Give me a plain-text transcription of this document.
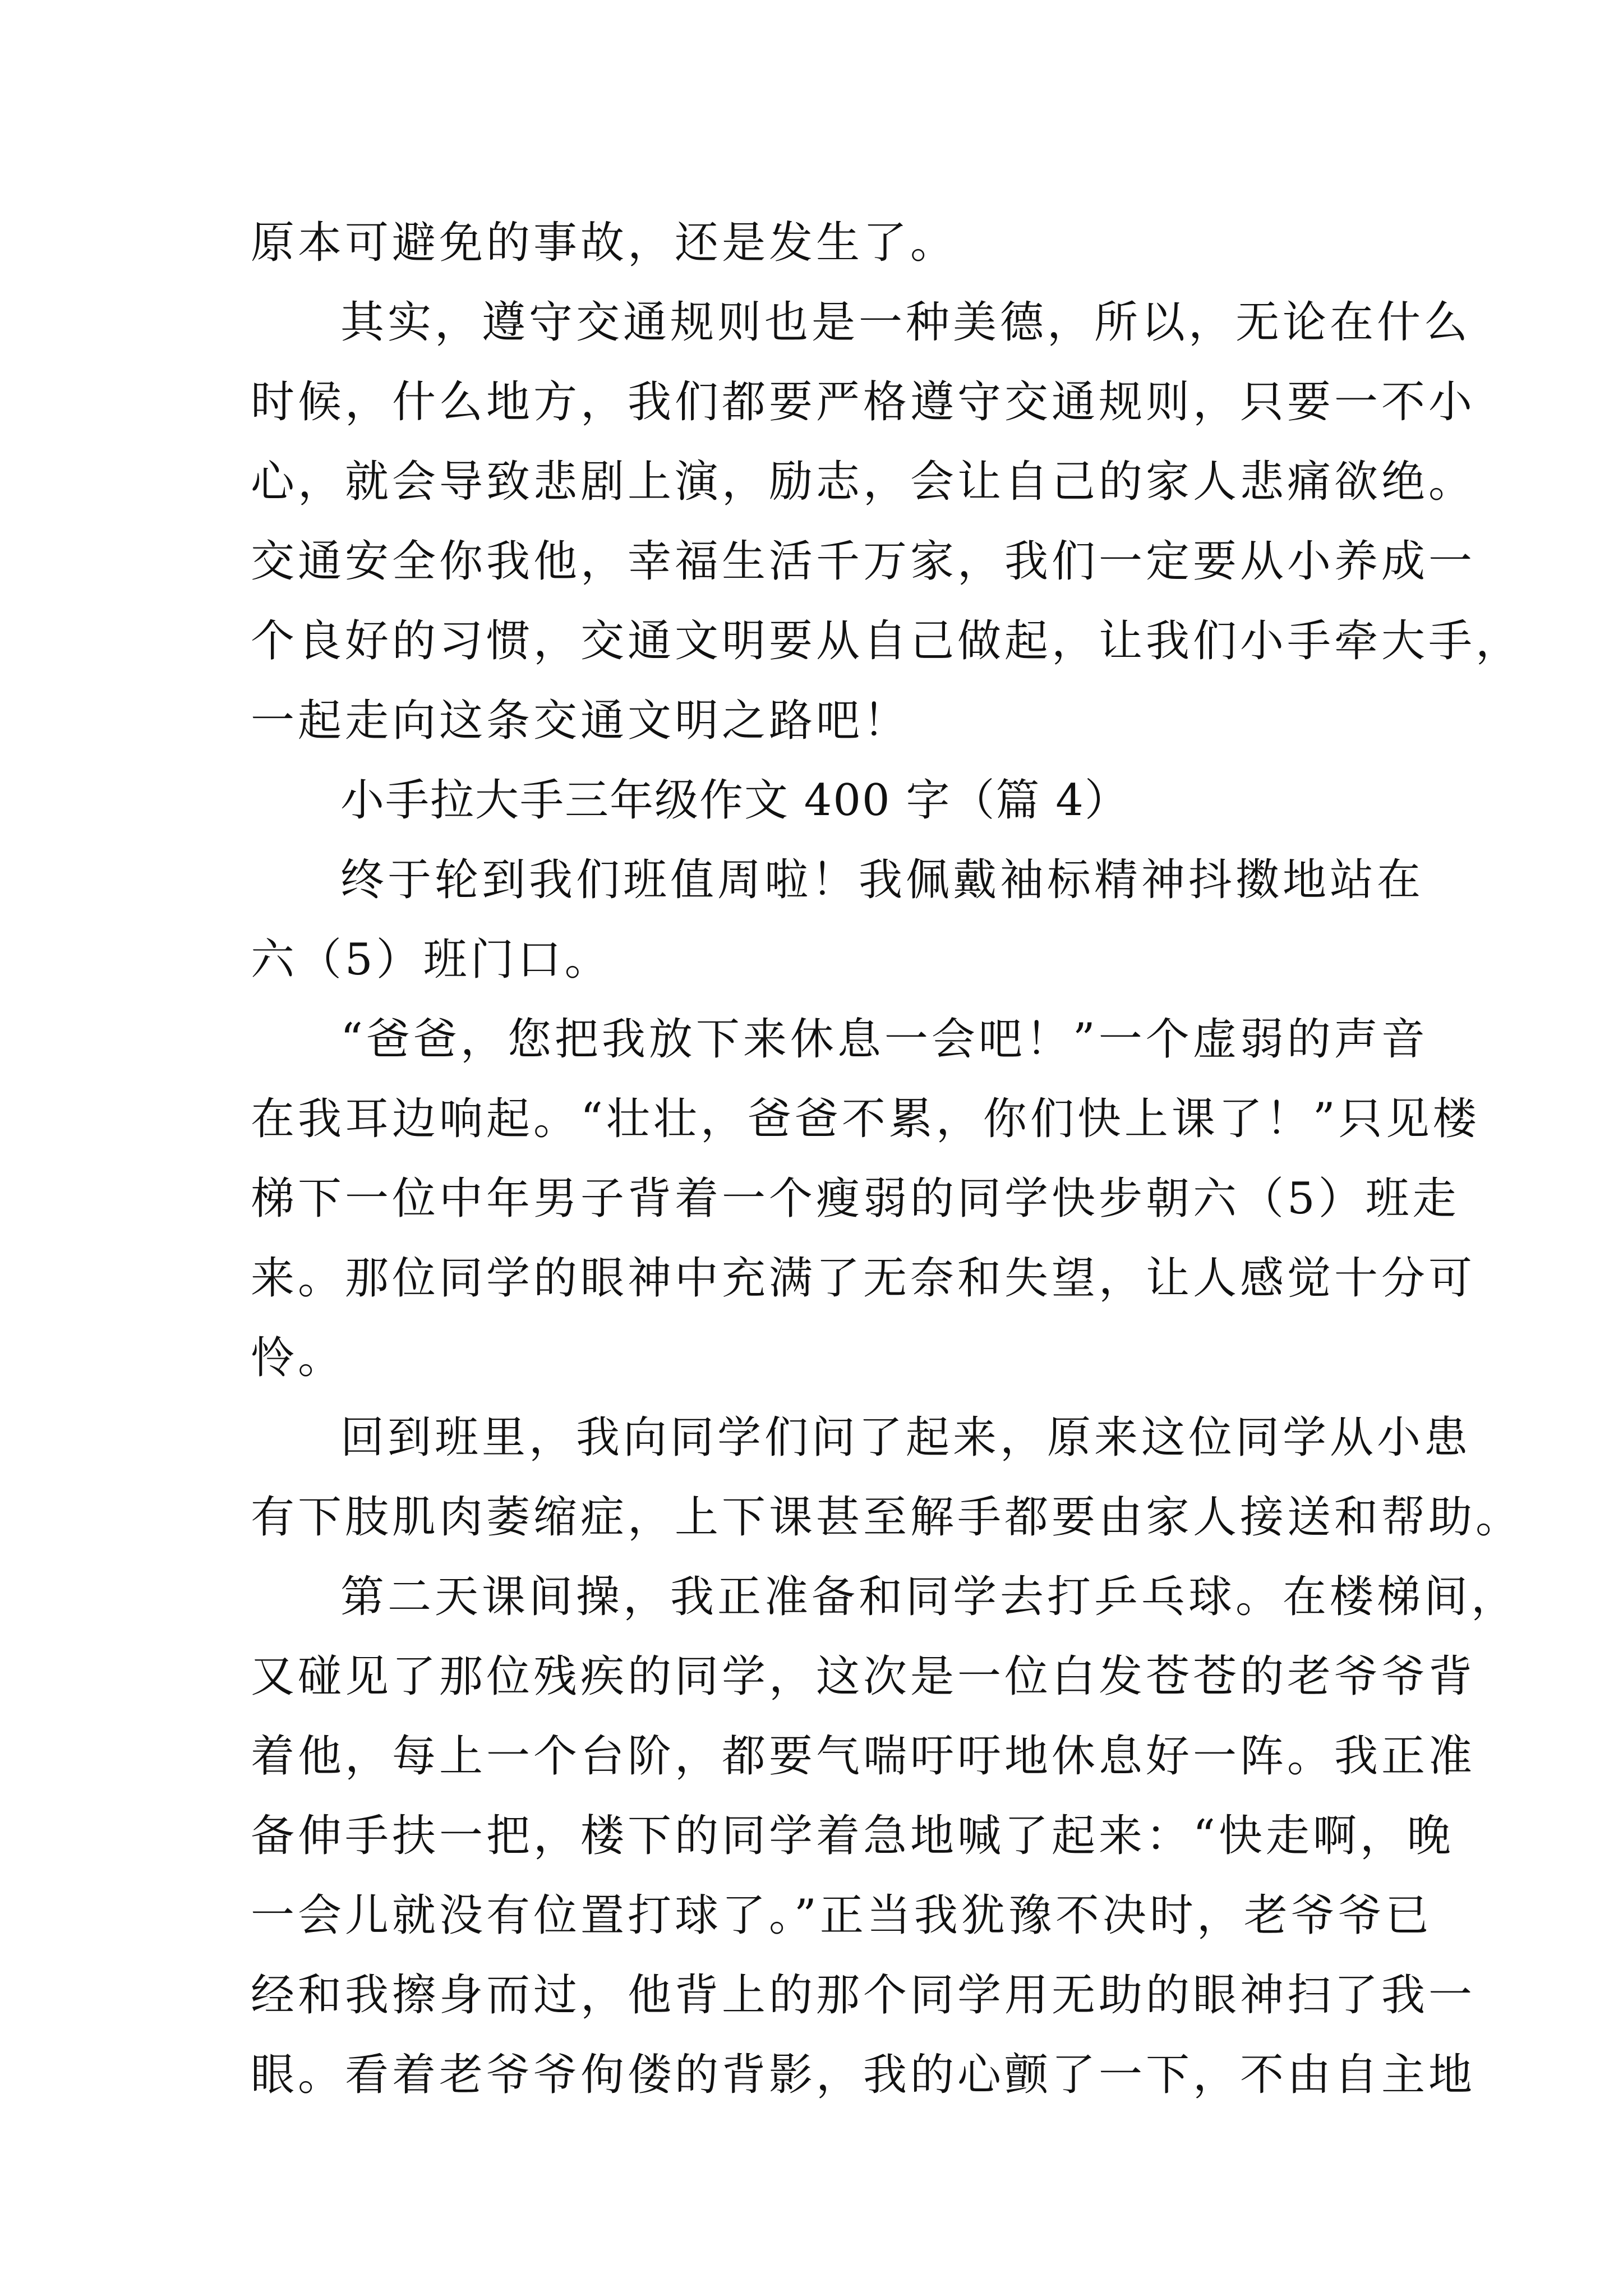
原本可避免的事故，还是发生了。
其实，遵守交通规则也是一种美德，所以，无论在什么
时候，什么地方，我们都要严格遵守交通规则，只要一不小
心，就会导致悲剧上演，励志，会让自己的家人悲痛欲绝。
交通安全你我他，幸福生活千万家，我们一定要从小养成一
个良好的习惯，交通文明要从自己做起，让我们小手牵大手，
一起走向这条交通文明之路吧！
小手拉大手三年级作文 400 字（篇 4）
终于轮到我们班值周啦！我佩戴袖标精神抖擞地站在
六（5）班门口。
“爸爸，您把我放下来休息一会吧！”一个虚弱的声音
在我耳边响起。“壮壮，爸爸不累，你们快上课了！”只见楼
梯下一位中年男子背着一个瘦弱的同学快步朝六（5）班走
来。那位同学的眼神中充满了无奈和失望，让人感觉十分可
怜。
回到班里，我向同学们问了起来，原来这位同学从小患
有下肢肌肉萎缩症，上下课甚至解手都要由家人接送和帮助。
第二天课间操，我正准备和同学去打乒乓球。在楼梯间，
又碰见了那位残疾的同学，这次是一位白发苍苍的老爷爷背
着他，每上一个台阶，都要气喘吁吁地休息好一阵。我正准
备伸手扶一把，楼下的同学着急地喊了起来：“快走啊，晚
一会儿就没有位置打球了。”正当我犹豫不决时，老爷爷已
经和我擦身而过，他背上的那个同学用无助的眼神扫了我一
眼。看着老爷爷佝偻的背影，我的心颤了一下，不由自主地
